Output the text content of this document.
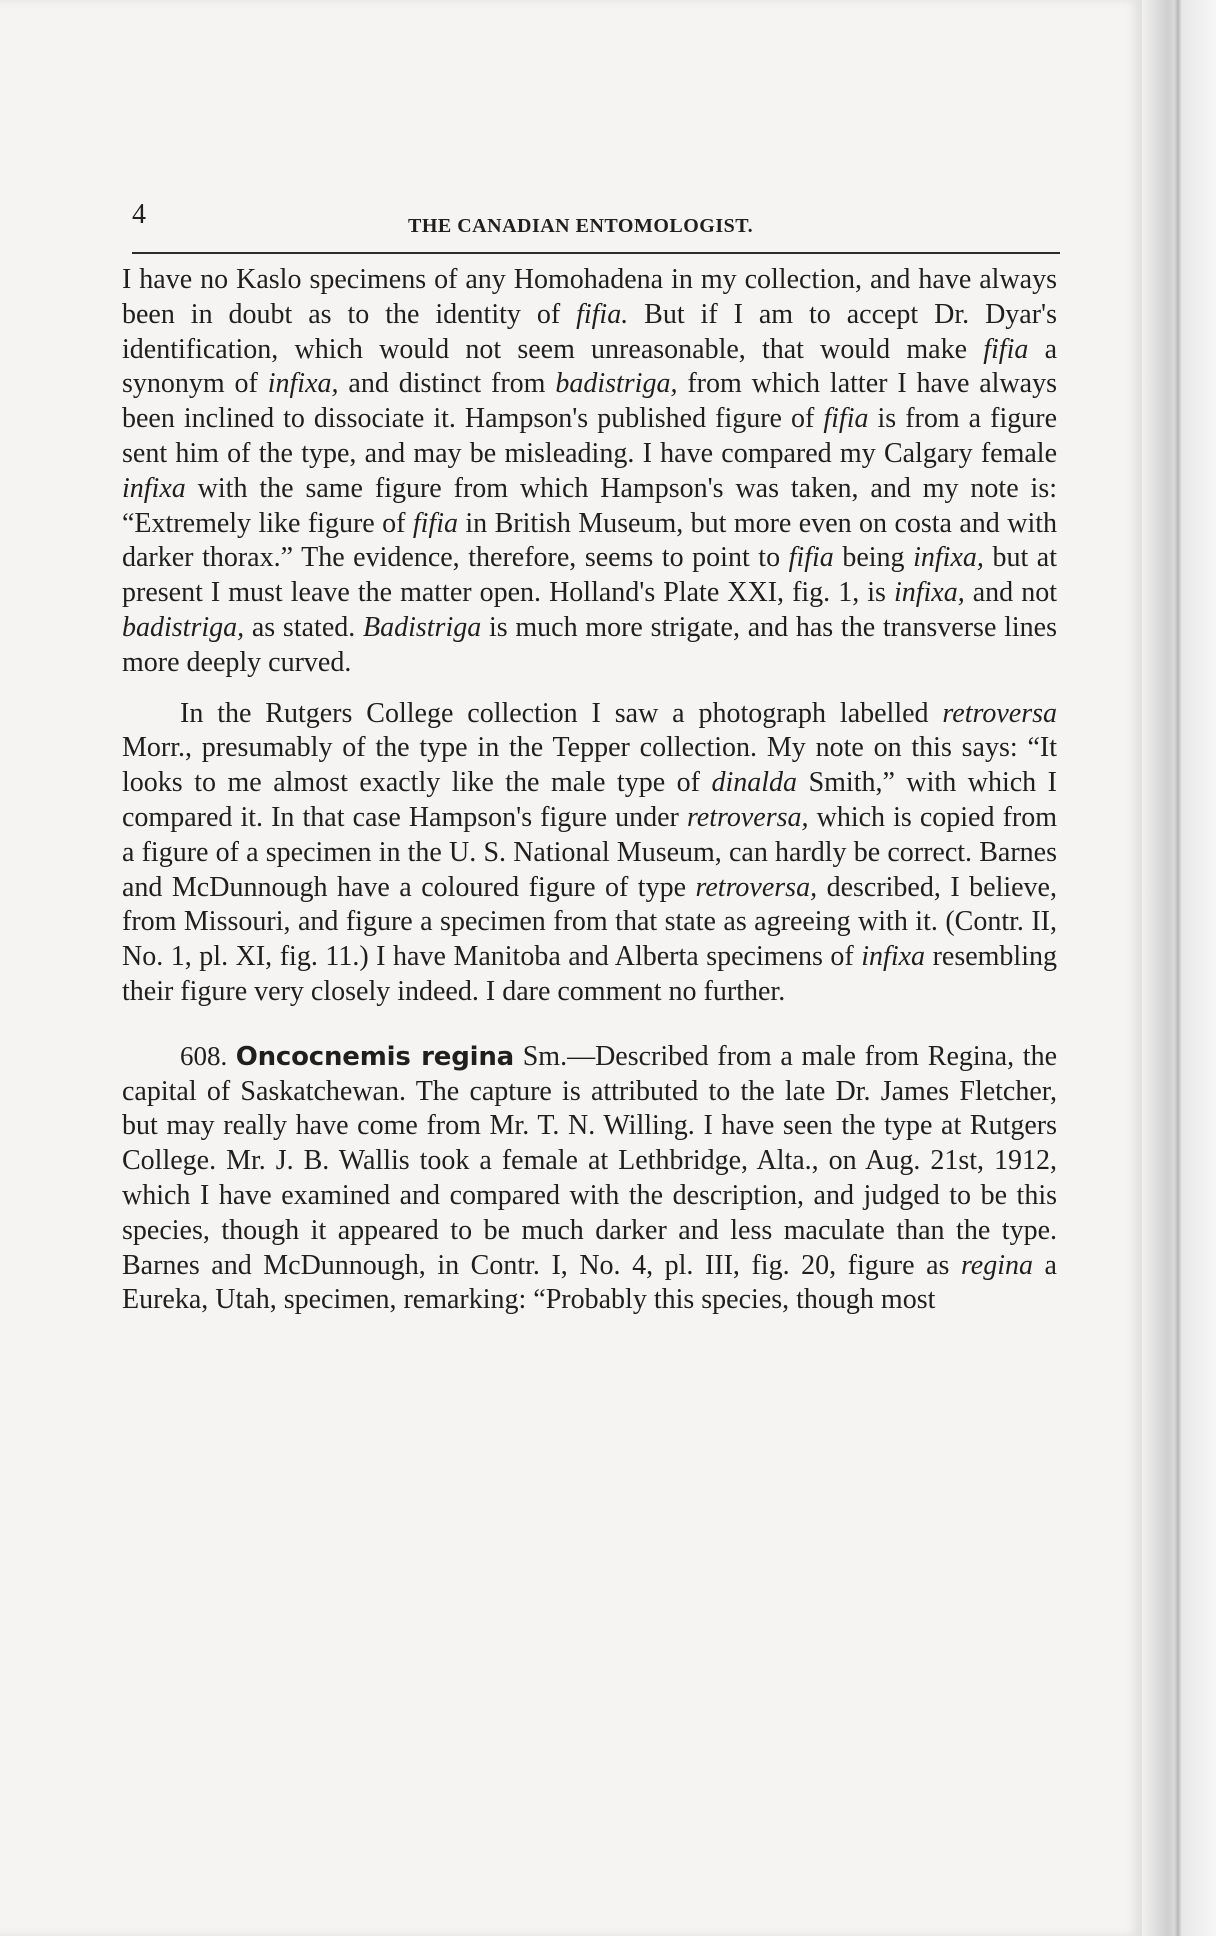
4	THE CANADIAN ENTOMOLOGIST.

I have no Kaslo specimens of any Homohadena in my collection, and have always been in doubt as to the identity of fifia. But if I am to accept Dr. Dyar's identification, which would not seem unreasonable, that would make fifia a synonym of infixa, and distinct from badistriga, from which latter I have always been inclined to dissociate it. Hampson's published figure of fifia is from a figure sent him of the type, and may be misleading. I have compared my Calgary female infixa with the same figure from which Hampson's was taken, and my note is: “Extremely like figure of fifia in British Museum, but more even on costa and with darker thorax.” The evidence, therefore, seems to point to fifia being infixa, but at present I must leave the matter open. Holland's Plate XXI, fig. 1, is infixa, and not badistriga, as stated. Badistriga is much more strigate, and has the transverse lines more deeply curved.

In the Rutgers College collection I saw a photograph labelled retroversa Morr., presumably of the type in the Tepper collection. My note on this says: “It looks to me almost exactly like the male type of dinalda Smith,” with which I compared it. In that case Hampson's figure under retroversa, which is copied from a figure of a specimen in the U. S. National Museum, can hardly be correct. Barnes and McDunnough have a coloured figure of type retroversa, described, I believe, from Missouri, and figure a specimen from that state as agreeing with it. (Contr. II, No. 1, pl. XI, fig. 11.) I have Manitoba and Alberta specimens of infixa resembling their figure very closely indeed. I dare comment no further.

608. Oncocnemis regina Sm.—Described from a male from Regina, the capital of Saskatchewan. The capture is attributed to the late Dr. James Fletcher, but may really have come from Mr. T. N. Willing. I have seen the type at Rutgers College. Mr. J. B. Wallis took a female at Lethbridge, Alta., on Aug. 21st, 1912, which I have examined and compared with the description, and judged to be this species, though it appeared to be much darker and less maculate than the type. Barnes and McDunnough, in Contr. I, No. 4, pl. III, fig. 20, figure as regina a Eureka, Utah, specimen, remarking: “Probably this species, though most
